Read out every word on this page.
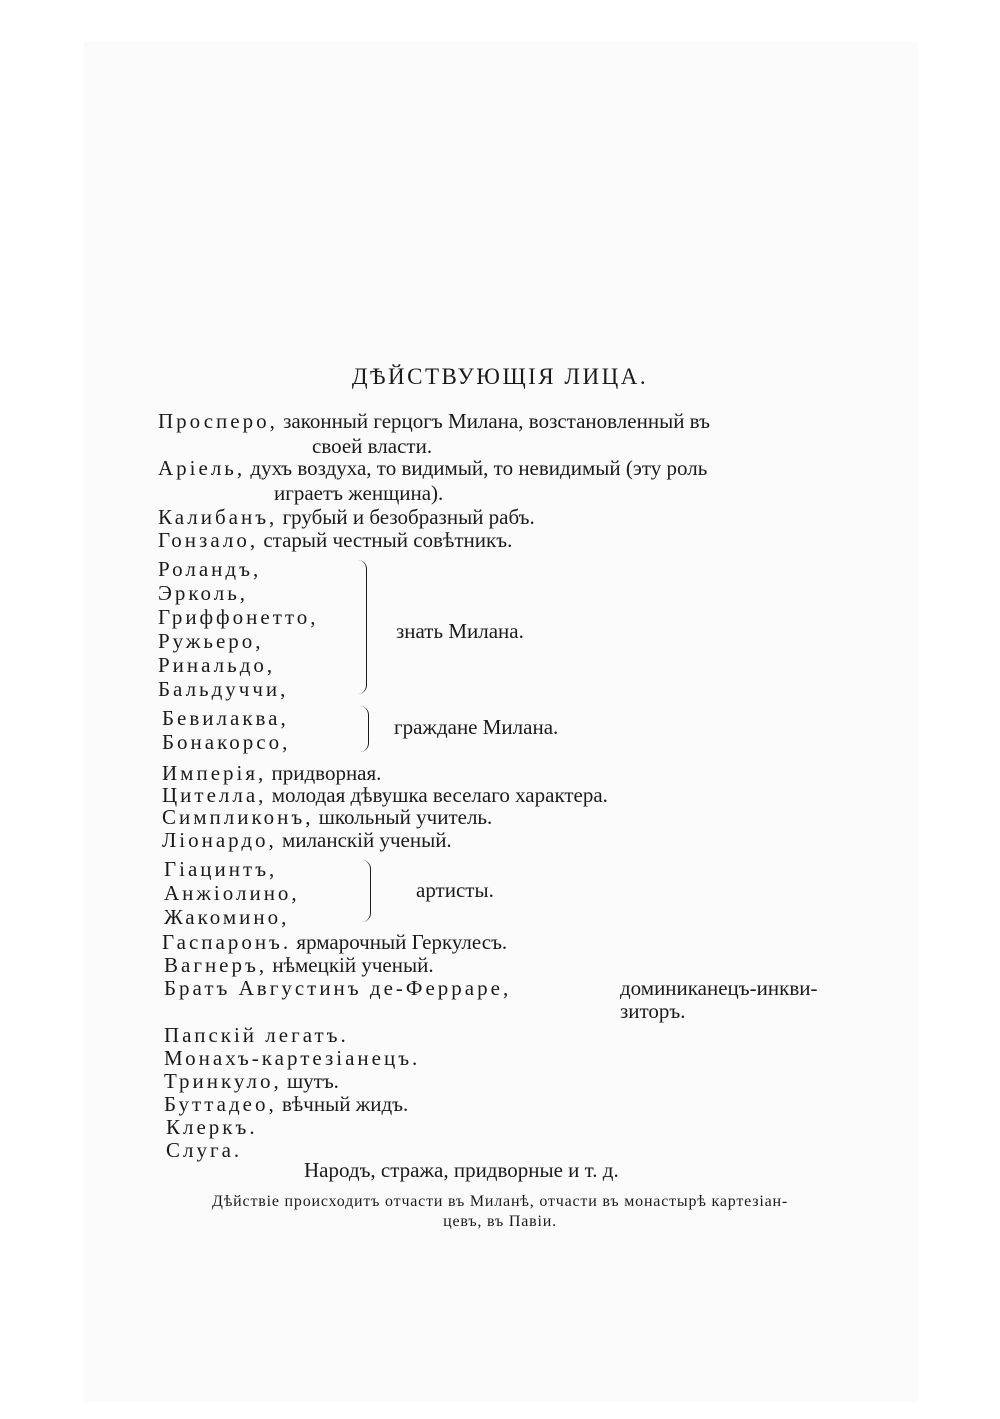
ДѢЙСТВУЮЩІЯ ЛИЦА.
Просперо, законный герцогъ Милана, возстановленный въ
своей власти.
Аріель, духъ воздуха, то видимый, то невидимый (эту роль
играетъ женщина).
Калибанъ, грубый и безобразный рабъ.
Гонзало, старый честный совѣтникъ.
Роландъ,
Эрколь,
Гриффонетто,
Ружьеро,
Ринальдо,
Бальдуччи,
знать Милана.
Бевилаква,
Бонакорсо,
граждане Милана.
Имперія, придворная.
Цителла, молодая дѣвушка веселаго характера.
Симпликонъ, школьный учитель.
Лiонардо, миланскій ученый.
Гіацинтъ,
Анжіолино,
Жакомино,
артисты.
Гаспаронъ. ярмарочный Геркулесъ.
Вагнеръ, нѣмецкій ученый.
Братъ Августинъ де-Феррарe,	доминиканецъ-инкви-
зиторъ.
Папскій легатъ.
Монахъ-картезіанецъ.
Тринкуло, шутъ.
Буттадео, вѣчный жидъ.
Клеркъ.
Слуга.
Народъ, стража, придворные и т. д.
Дѣйствіе происходитъ отчасти въ Миланѣ, отчасти въ монастырѣ картезіан-
цевъ, въ Павіи.
